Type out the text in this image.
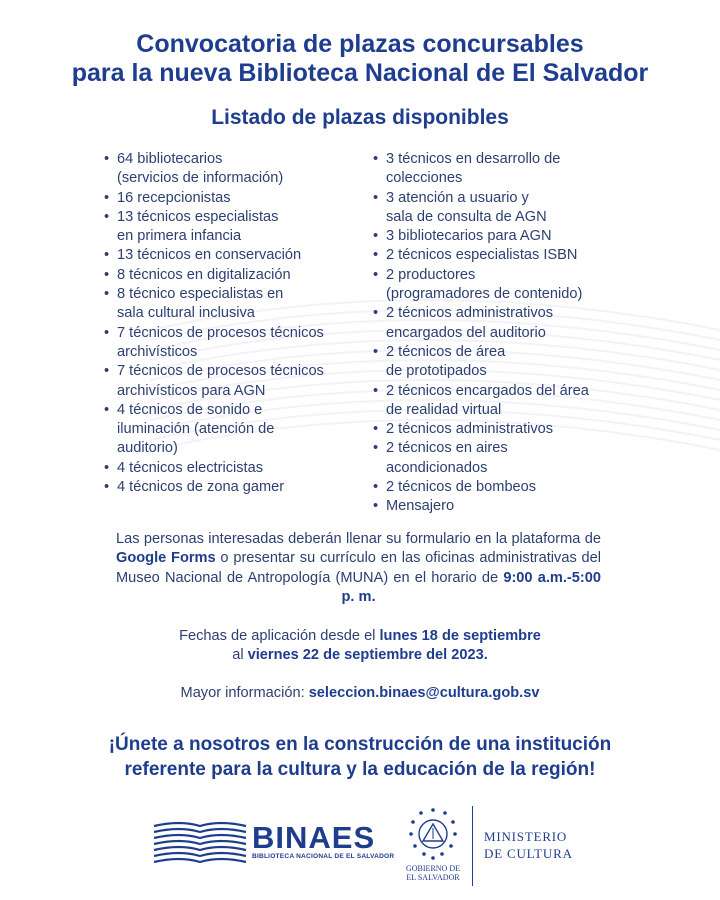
Convocatoria de plazas concursables
para la nueva Biblioteca Nacional de El Salvador
Listado de plazas disponibles
• 64 bibliotecarios
(servicios de información)
• 16 recepcionistas
• 13 técnicos especialistas
en primera infancia
• 13 técnicos en conservación
• 8 técnicos en digitalización
• 8 técnico especialistas en
sala cultural inclusiva
• 7 técnicos de procesos técnicos
archivísticos
• 7 técnicos de procesos técnicos
archivísticos para AGN
• 4 técnicos de sonido e
iluminación (atención de
auditorio)
• 4 técnicos electricistas
• 4 técnicos de zona gamer
• 3 técnicos en desarrollo de
colecciones
• 3 atención a usuario y
sala de consulta de AGN
• 3 bibliotecarios para AGN
• 2 técnicos especialistas ISBN
• 2 productores
(programadores de contenido)
• 2 técnicos administrativos
encargados del auditorio
• 2 técnicos de área
de prototipados
• 2 técnicos encargados del área
de realidad virtual
• 2 técnicos administrativos
• 2 técnicos en aires
acondicionados
• 2 técnicos de bombeos
• Mensajero
Las personas interesadas deberán llenar su formulario en la plataforma de Google Forms o presentar su currículo en las oficinas administrativas del Museo Nacional de Antropología (MUNA) en el horario de 9:00 a.m.-5:00 p. m.
Fechas de aplicación desde el lunes 18 de septiembre
al viernes 22 de septiembre del 2023.
Mayor información: seleccion.binaes@cultura.gob.sv
¡Únete a nosotros en la construcción de una institución
referente para la cultura y la educación de la región!
BINAES
BIBLIOTECA NACIONAL DE EL SALVADOR
GOBIERNO DE
EL SALVADOR
MINISTERIO
DE CULTURA
